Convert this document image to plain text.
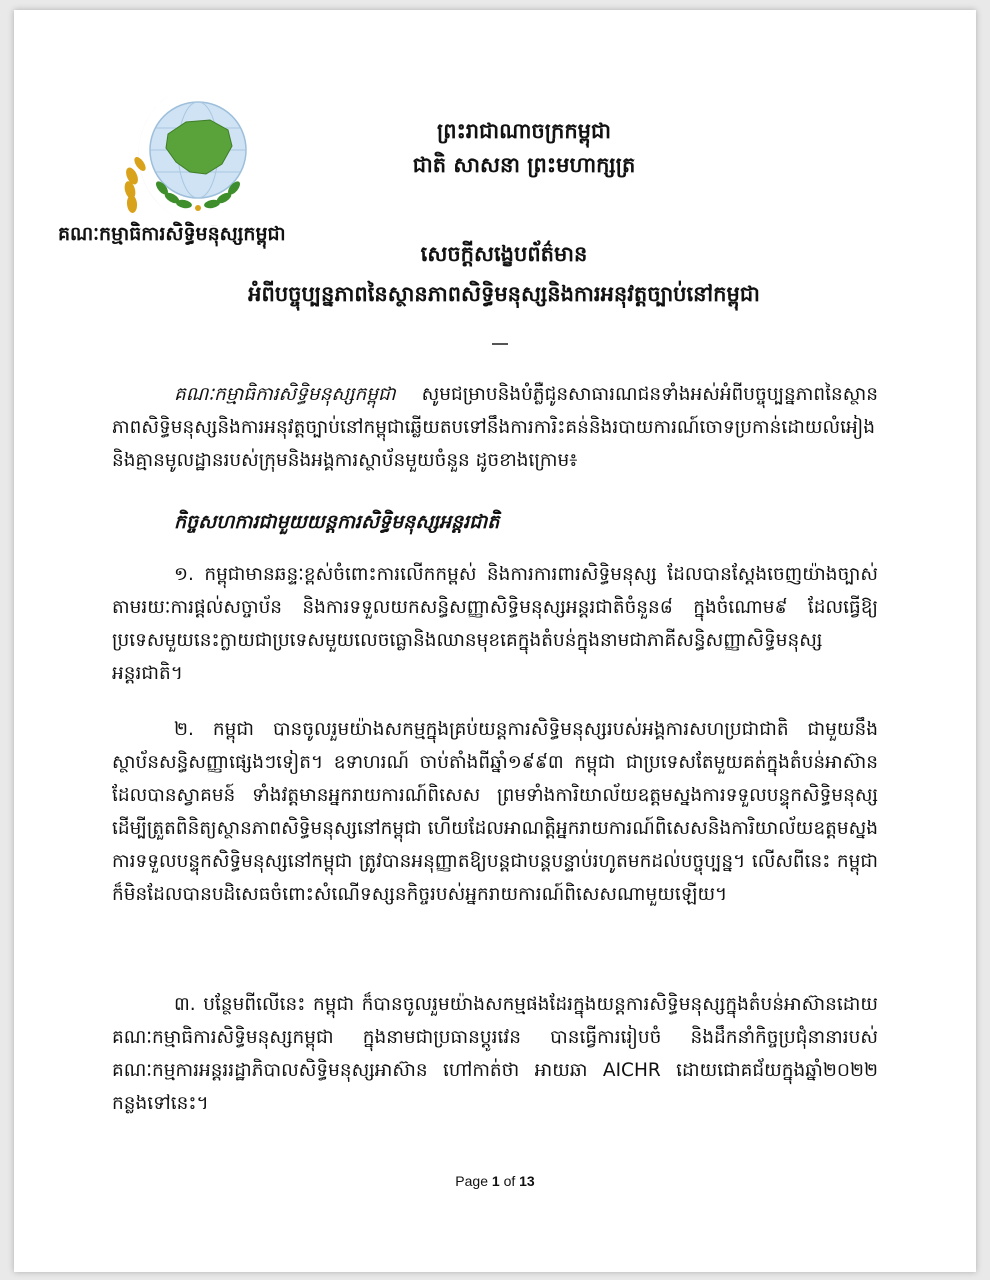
គណៈកម្មាធិការសិទ្ធិមនុស្សកម្ពុជា
ព្រះរាជាណាចក្រកម្ពុជា
ជាតិ សាសនា ព្រះមហាក្សត្រ
សេចក្តីសង្ខេបព័ត៌មាន
អំពីបច្ចុប្បន្នភាពនៃស្ថានភាពសិទ្ធិមនុស្សនិងការអនុវត្តច្បាប់នៅកម្ពុជា
គណៈកម្មាធិការសិទ្ធិមនុស្សកម្ពុជា សូមជម្រាបនិងបំភ្លឺជូនសាធារណជនទាំងអស់អំពីបច្ចុប្បន្នភាពនៃស្ថានភាពសិទ្ធិមនុស្សនិងការអនុវត្តច្បាប់នៅកម្ពុជាឆ្លើយតបទៅនឹងការការិះគន់និងរបាយការណ៍ចោទប្រកាន់ដោយលំអៀងនិងគ្មានមូលដ្ឋានរបស់ក្រុមនិងអង្គការស្ថាប័នមួយចំនួន ដូចខាងក្រោម៖
កិច្ចសហការជាមួយយន្តការសិទ្ធិមនុស្សអន្តរជាតិ
១. កម្ពុជាមានឆន្ទៈខ្ពស់ចំពោះការលើកកម្ពស់ និងការការពារសិទ្ធិមនុស្ស ដែលបានស្តែងចេញយ៉ាងច្បាស់តាមរយៈការផ្តល់សច្ចាប័ន និងការទទួលយកសន្ធិសញ្ញាសិទ្ធិមនុស្សអន្តរជាតិចំនួន៨ ក្នុងចំណោម៩ ដែលធ្វើឱ្យប្រទេសមួយនេះក្លាយជាប្រទេសមួយលេចធ្លោនិងឈានមុខគេក្នុងតំបន់ក្នុងនាមជាភាគីសន្ធិសញ្ញាសិទ្ធិមនុស្សអន្តរជាតិ។
២. កម្ពុជា បានចូលរួមយ៉ាងសកម្មក្នុងគ្រប់យន្តការសិទ្ធិមនុស្សរបស់អង្គការសហប្រជាជាតិ ជាមួយនឹងស្ថាប័នសន្ធិសញ្ញាផ្សេងៗទៀត។ ឧទាហរណ៍ ចាប់តាំងពីឆ្នាំ១៩៩៣ កម្ពុជា ជាប្រទេសតែមួយគត់ក្នុងតំបន់អាស៊ានដែលបានស្វាគមន៍ ទាំងវត្តមានអ្នករាយការណ៍ពិសេស ព្រមទាំងការិយាល័យឧត្តមស្នងការទទួលបន្ទុកសិទ្ធិមនុស្ស ដើម្បីត្រួតពិនិត្យស្ថានភាពសិទ្ធិមនុស្សនៅកម្ពុជា ហើយដែលអាណត្តិអ្នករាយការណ៍ពិសេសនិងការិយាល័យឧត្តមស្នងការទទួលបន្ទុកសិទ្ធិមនុស្សនៅកម្ពុជា ត្រូវបានអនុញ្ញាតឱ្យបន្តជាបន្តបន្ទាប់រហូតមកដល់បច្ចុប្បន្ន។ លើសពីនេះ កម្ពុជា ក៏មិនដែលបានបដិសេធចំពោះសំណើទស្សនកិច្ចរបស់អ្នករាយការណ៍ពិសេសណាមួយឡើយ។
៣. បន្ថែមពីលើនេះ កម្ពុជា ក៏បានចូលរួមយ៉ាងសកម្មផងដែរក្នុងយន្តការសិទ្ធិមនុស្សក្នុងតំបន់អាស៊ានដោយ គណៈកម្មាធិការសិទ្ធិមនុស្សកម្ពុជា ក្នុងនាមជាប្រធានប្តូរវេន បានធ្វើការរៀបចំ និងដឹកនាំកិច្ចប្រជុំនានារបស់គណៈកម្មការអន្តររដ្ឋាភិបាលសិទ្ធិមនុស្សអាស៊ាន ហៅកាត់ថា អាយឆា AICHR ដោយជោគជ័យក្នុងឆ្នាំ២០២២ កន្លងទៅនេះ។
Page 1 of 13
